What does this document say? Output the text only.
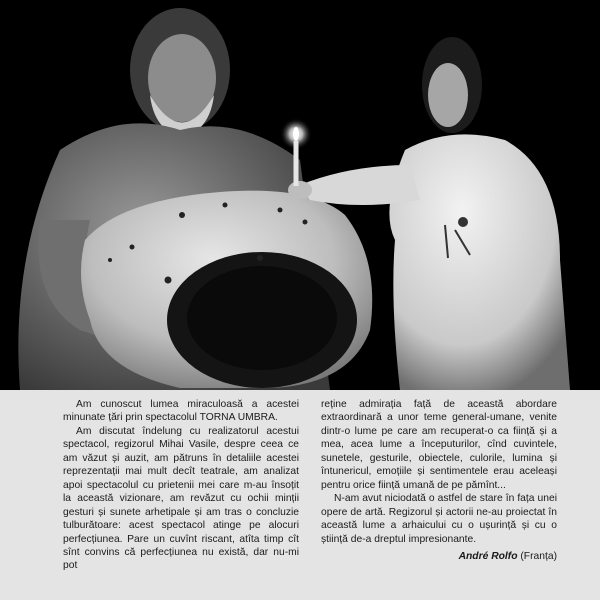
Am cunoscut lumea miraculoasă a acestei minunate țări prin spectacolul TORNA UMBRA.

Am discutat îndelung cu realizatorul acestui spectacol, regizorul Mihai Vasile, despre ceea ce am văzut și auzit, am pătruns în detaliile acestei reprezentații mai mult decît teatrale, am analizat apoi spectacolul cu prietenii mei care m-au însoțit la această vizionare, am revăzut cu ochii minții gesturi și sunete arhetipale și am tras o concluzie tulburătoare: acest spectacol atinge pe alocuri perfecțiunea. Pare un cuvînt riscant, atîta timp cît sînt convins că perfecțiunea nu există, dar nu-mi pot

reține admirația față de această abordare extraordinară a unor teme general-umane, venite dintr-o lume pe care am recuperat-o ca ființă și a mea, acea lume a începuturilor, cînd cuvintele, sunetele, gesturile, obiectele, culorile, lumina și întunericul, emoțiile și sentimentele erau aceleași pentru orice ființă umană de pe pămînt...

N-am avut niciodată o astfel de stare în fața unei opere de artă. Regizorul și actorii ne-au proiectat în această lume a arhaicului cu o ușurință și cu o știință de-a dreptul impresionante.

André Rolfo (Franța)
